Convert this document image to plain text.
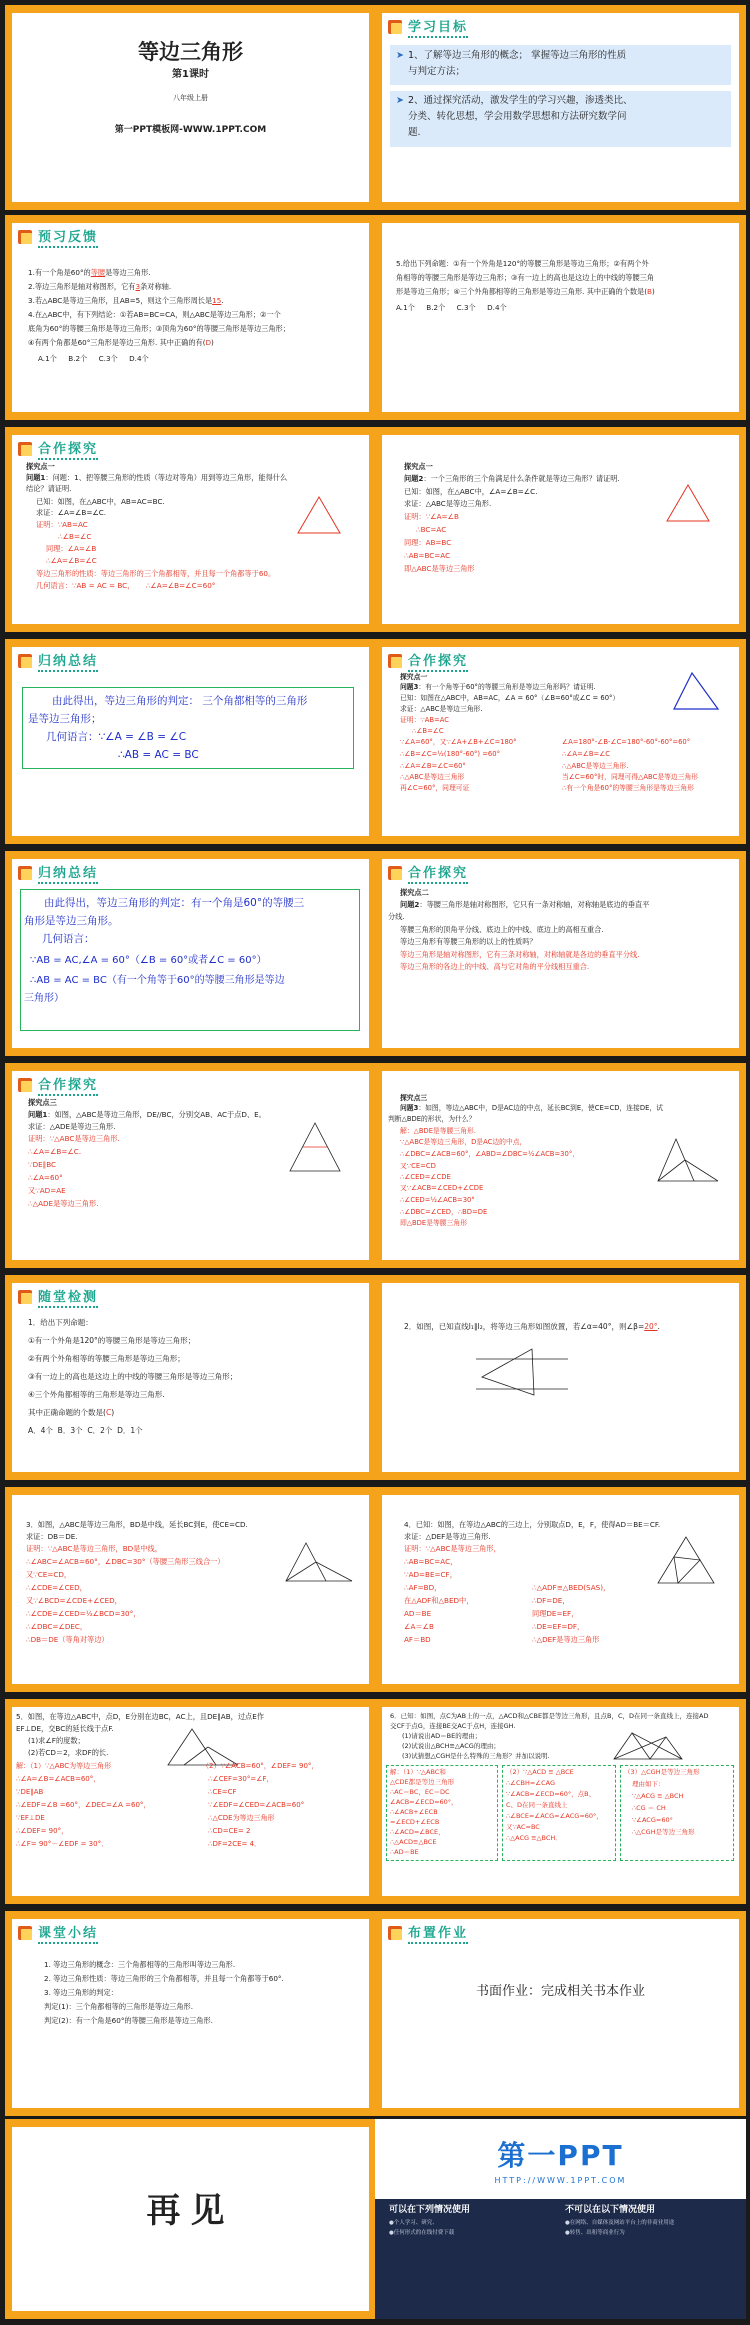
等边三角形
第1课时
八年级上册
第一PPT模板网-WWW.1PPT.COM
学习目标
➤
➤
1、了解等边三角形的概念； 掌握等边三角形的性质
与判定方法；
2、通过探究活动，激发学生的学习兴趣，渗透类比、
分类、转化思想，学会用数学思想和方法研究数学问
题.
预习反馈
1.有一个角是60°的等腰是等边三角形.
2.等边三角形是轴对称图形，它有3条对称轴.
3.若△ABC是等边三角形，且AB=5，则这个三角形周长是15.
4.在△ABC中，有下列结论：①若AB=BC=CA，则△ABC是等边三角形；②一个
底角为60°的等腰三角形是等边三角形；③顶角为60°的等腰三角形是等边三角形；
④有两个角都是60°三角形是等边三角形. 其中正确的有(D)
A.1个     B.2个     C.3个     D.4个
5.给出下列命题：①有一个外角是120°的等腰三角形是等边三角形；②有两个外
角相等的等腰三角形是等边三角形；③有一边上的高也是这边上的中线的等腰三角
形是等边三角形；④三个外角都相等的三角形是等边三角形. 其中正确的个数是(B)
A.1个     B.2个     C.3个     D.4个
合作探究
探究点一
问题1：问题：1、把等腰三角形的性质（等边对等角）用到等边三角形，能得什么
结论？请证明.
已知：如图，在△ABC中，AB=AC=BC.
求证：∠A=∠B=∠C.
证明：∵AB=AC
∴∠B=∠C
同理：∠A=∠B
∴∠A=∠B=∠C
等边三角形的性质：等边三角形的三个角都相等，并且每一个角都等于60。
几何语言：∵AB = AC = BC，     ∴∠A=∠B=∠C=60°
探究点一
问题2：一个三角形的三个角满足什么条件就是等边三角形？请证明.
已知：如图，在△ABC中，∠A=∠B=∠C.
求证：△ABC是等边三角形.
证明：∵∠A=∠B
∴BC=AC
同理：AB=BC
∴AB=BC=AC
即△ABC是等边三角形
归纳总结
由此得出，等边三角形的判定： 三个角都相等的三角形
是等边三角形；
几何语言：∵∠A = ∠B = ∠C
∴AB = AC = BC
合作探究
探究点一
问题3：有一个角等于60°的等腰三角形是等边三角形吗？请证明.
已知：如图在△ABC中，AB=AC，∠A = 60°（∠B=60°或∠C = 60°）
求证：△ABC是等边三角形.
证明：∵AB=AC
∴∠B=∠C
∵∠A=60°，又∵∠A+∠B+∠C=180°
∴∠B=∠C=½(180°-60°) =60°
∴∠A=∠B=∠C=60°
∴△ABC是等边三角形
再∠C=60°，同理可证
∠A=180°-∠B-∠C=180°-60°-60°=60°
∴∠A=∠B=∠C
∴△ABC是等边三角形.
当∠C=60°时，同理可得△ABC是等边三角形
∴有一个角是60°的等腰三角形是等边三角形
归纳总结
由此得出，等边三角形的判定：有一个角是60°的等腰三
角形是等边三角形。
几何语言：
∵AB = AC,∠A = 60°（∠B = 60°或者∠C = 60°）
∴AB = AC = BC（有一个角等于60°的等腰三角形是等边
三角形）
合作探究
探究点二
问题2：等腰三角形是轴对称图形，它只有一条对称轴，对称轴是底边的垂直平
分线.
等腰三角形的顶角平分线、底边上的中线、底边上的高相互重合.
等边三角形有等腰三角形的以上的性质吗？
等边三角形是轴对称图形，它有三条对称轴，对称轴就是各边的垂直平分线.
等边三角形的各边上的中线、高与它对角的平分线相互重合.
合作探究
探究点三
问题1：如图，△ABC是等边三角形，DE//BC，分别交AB、AC于点D、E。
求证：△ADE是等边三角形.
证明：∵△ABC是等边三角形.
∴∠A=∠B=∠C.
∵DE∥BC
∴∠A=60°
又∵AD=AE
∴△ADE是等边三角形.
探究点三
问题3：如图，等边△ABC中，D是AC边的中点，延长BC到E，使CE=CD，连接DE，试
判断△BDE的形状，为什么？
解：△BDE是等腰三角形.
∵△ABC是等边三角形，D是AC边的中点，
∴∠DBC=∠ACB=60°，∠ABD=∠DBC=½∠ACB=30°，
又∵CE=CD
∴∠CED=∠CDE
又∵∠ACB=∠CED+∠CDE
∴∠CED=½∠ACB=30°
∴∠DBC=∠CED，∴BD=DE
即△BDE是等腰三角形
随堂检测
1．给出下列命题：
①有一个外角是120°的等腰三角形是等边三角形；
②有两个外角相等的等腰三角形是等边三角形；
③有一边上的高也是这边上的中线的等腰三角形是等边三角形；
④三个外角都相等的三角形是等边三角形.
其中正确命题的个数是(C)
A．4个  B．3个  C．2个  D．1个
2．如图，已知直线l₁∥l₂，将等边三角形如图放置，若∠α=40°，则∠β=20°.
3．如图，△ABC是等边三角形，BD是中线，延长BC到E，使CE=CD.
求证：DB＝DE.
证明：∵△ABC是等边三角形，BD是中线，
∴∠ABC=∠ACB=60°，∠DBC=30°（等腰三角形三线合一）
又∵CE=CD，
∴∠CDE=∠CED，
又∵∠BCD=∠CDE+∠CED，
∴∠CDE=∠CED=½∠BCD=30°，
∴∠DBC=∠DEC，
∴DB＝DE（等角对等边）
4．已知：如图，在等边△ABC的三边上，分别取点D，E，F，使得AD＝BE＝CF.
求证：△DEF是等边三角形.
证明：∵△ABC是等边三角形，
∴AB=BC=AC，
∵AD=BE=CF，
∴AF=BD，
在△ADF和△BED中，
AD＝BE
∠A＝∠B
AF＝BD
∴△ADF≌△BED(SAS)，
∴DF=DE，
同理DE=EF，
∴DE=EF=DF，
∴△DEF是等边三角形
5．如图，在等边△ABC中，点D，E分别在边BC，AC上，且DE∥AB，过点E作
EF⊥DE，交BC的延长线于点F.
(1)求∠F的度数；
(2)若CD＝2，求DF的长.
解：（1）∵△ABC为等边三角形
∴∠A=∠B=∠ACB=60°，
∵DE∥AB
∴∠EDF=∠B =60°，∠DEC=∠A =60°，
∵EF⊥DE
∴∠DEF= 90°，
∴∠F= 90°－∠EDF = 30°．
（2）∵∠ACB=60°，∠DEF= 90°，
∴∠CEF=30°=∠F，
∴CE=CF
∵∠EDF=∠CED=∠ACB=60°
∴△CDE为等边三角形
∴CD=CE= 2
∴DF=2CE= 4．
6．已知：如图，点C为AB上的一点，△ACD和△CBE都是等边三角形，且点B，C，D在同一条直线上，连接AD
交CF于点G，连接BE交AC于点H，连接GH.
(1)请说出AD＝BE的理由；
(2)试说出△BCH≌△ACG的理由；
(3)试猜想△CGH是什么特殊的三角形？并加以说明.
解：（1）∵△ABC和
△CDE都是等边三角形
∴AC＝BC，EC＝DC
∠ACB=∠ECD=60°，
∴∠ACB+∠ECB
=∠ECD+∠ECB
∴∠ACD=∠BCE，
∴△ACD≌△BCE
∴AD＝BE
（2）∵△ACD ≌ △BCE
∴∠CBH=∠CAG
∵∠ACB=∠ECD=60°，点B、
C、D在同一条直线上
∴∠BCE=∠ACG=∠ACG=60°，
又∵AC=BC
∴△ACG ≌△BCH．
（3）△CGH是等边三角形
理由如下：
∵△ACG ≌ △BCH
∴CG ＝ CH
∵∠ACG=60°
∴△CGH是等边三角形
课堂小结
1. 等边三角形的概念：三个角都相等的三角形叫等边三角形.
2. 等边三角形性质：等边三角形的三个角都相等，并且每一个角都等于60°.
3. 等边三角形的判定：
判定(1)：三个角都相等的三角形是等边三角形.
判定(2)：有一个角是60°的等腰三角形是等边三角形.
布置作业
书面作业：完成相关书本作业
再见
第一PPT
HTTP://WWW.1PPT.COM
可以在下列情况使用	不可以在以下情况使用
●个人学习、研究、	●在网络、自媒体及网站平台上的非商业用途
●任何形式的在线付费下载	●转售、出租等商业行为
